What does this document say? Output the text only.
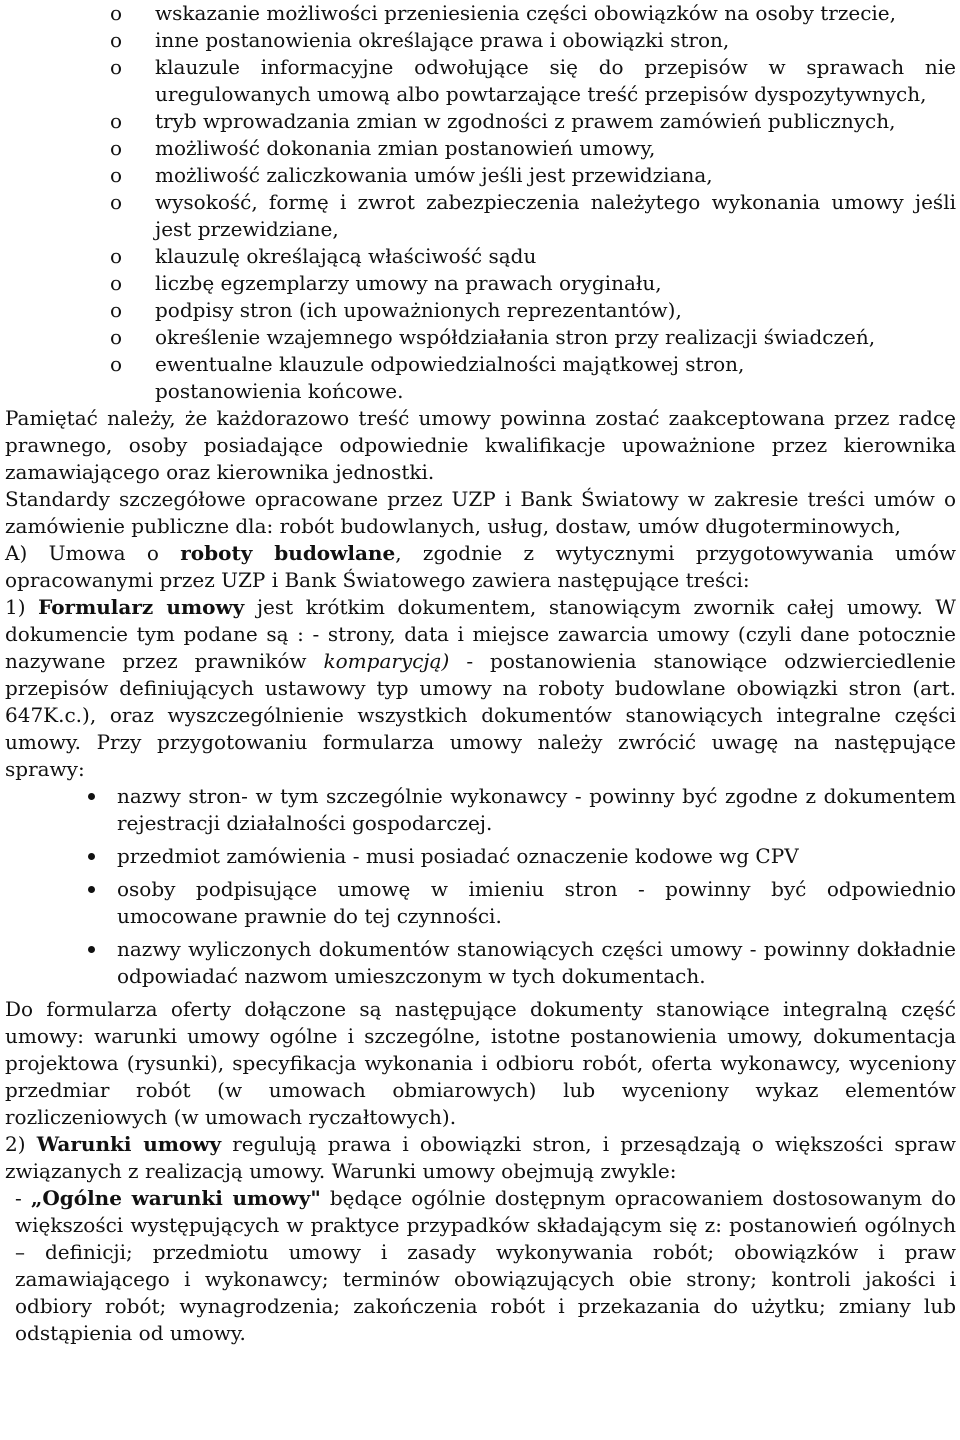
o wskazanie możliwości przeniesienia części obowiązków na osoby trzecie,
o inne postanowienia określające prawa i obowiązki stron,
o klauzule informacyjne odwołujące się do przepisów w sprawach nie uregulowanych umową albo powtarzające treść przepisów dyspozytywnych,
o tryb wprowadzania zmian w zgodności z prawem zamówień publicznych,
o możliwość dokonania zmian postanowień umowy,
o możliwość zaliczkowania umów jeśli jest przewidziana,
o wysokość, formę i zwrot zabezpieczenia należytego wykonania umowy jeśli jest przewidziane,
o klauzulę określającą właściwość sądu
o liczbę egzemplarzy umowy na prawach oryginału,
o podpisy stron (ich upoważnionych reprezentantów),
o określenie wzajemnego współdziałania stron przy realizacji świadczeń,
o ewentualne klauzule odpowiedzialności majątkowej stron,

postanowienia końcowe.

Pamiętać należy, że każdorazowo treść umowy powinna zostać zaakceptowana przez radcę prawnego, osoby posiadające odpowiednie kwalifikacje upoważnione przez kierownika zamawiającego oraz kierownika jednostki.

Standardy szczegółowe opracowane przez UZP i Bank Światowy w zakresie treści umów o zamówienie publiczne dla: robót budowlanych, usług, dostaw, umów długoterminowych,

A) Umowa o roboty budowlane, zgodnie z wytycznymi przygotowywania umów opracowanymi przez UZP i Bank Światowego zawiera następujące treści:

1) Formularz umowy jest krótkim dokumentem, stanowiącym zwornik całej umowy. W dokumencie tym podane są : - strony, data i miejsce zawarcia umowy (czyli dane potocznie nazywane przez prawników komparycją) - postanowienia stanowiące odzwierciedlenie przepisów definiujących ustawowy typ umowy na roboty budowlane obowiązki stron (art. 647K.c.), oraz wyszczególnienie wszystkich dokumentów stanowiących integralne części umowy. Przy przygotowaniu formularza umowy należy zwrócić uwagę na następujące sprawy:

nazwy stron- w tym szczególnie wykonawcy - powinny być zgodne z dokumentem rejestracji działalności gospodarczej.
przedmiot zamówienia - musi posiadać oznaczenie kodowe wg CPV
osoby podpisujące umowę w imieniu stron - powinny być odpowiednio umocowane prawnie do tej czynności.
nazwy wyliczonych dokumentów stanowiących części umowy - powinny dokładnie odpowiadać nazwom umieszczonym w tych dokumentach.

Do formularza oferty dołączone są następujące dokumenty stanowiące integralną część umowy: warunki umowy ogólne i szczególne, istotne postanowienia umowy, dokumentacja projektowa (rysunki), specyfikacja wykonania i odbioru robót, oferta wykonawcy, wyceniony przedmiar robót (w umowach obmiarowych) lub wyceniony wykaz elementów rozliczeniowych (w umowach ryczałtowych).

2) Warunki umowy regulują prawa i obowiązki stron, i przesądzają o większości spraw związanych z realizacją umowy. Warunki umowy obejmują zwykle:

- „Ogólne warunki umowy" będące ogólnie dostępnym opracowaniem dostosowanym do większości występujących w praktyce przypadków składającym się z: postanowień ogólnych – definicji; przedmiotu umowy i zasady wykonywania robót; obowiązków i praw zamawiającego i wykonawcy; terminów obowiązujących obie strony; kontroli jakości i odbiory robót; wynagrodzenia; zakończenia robót i przekazania do użytku; zmiany lub odstąpienia od umowy.
